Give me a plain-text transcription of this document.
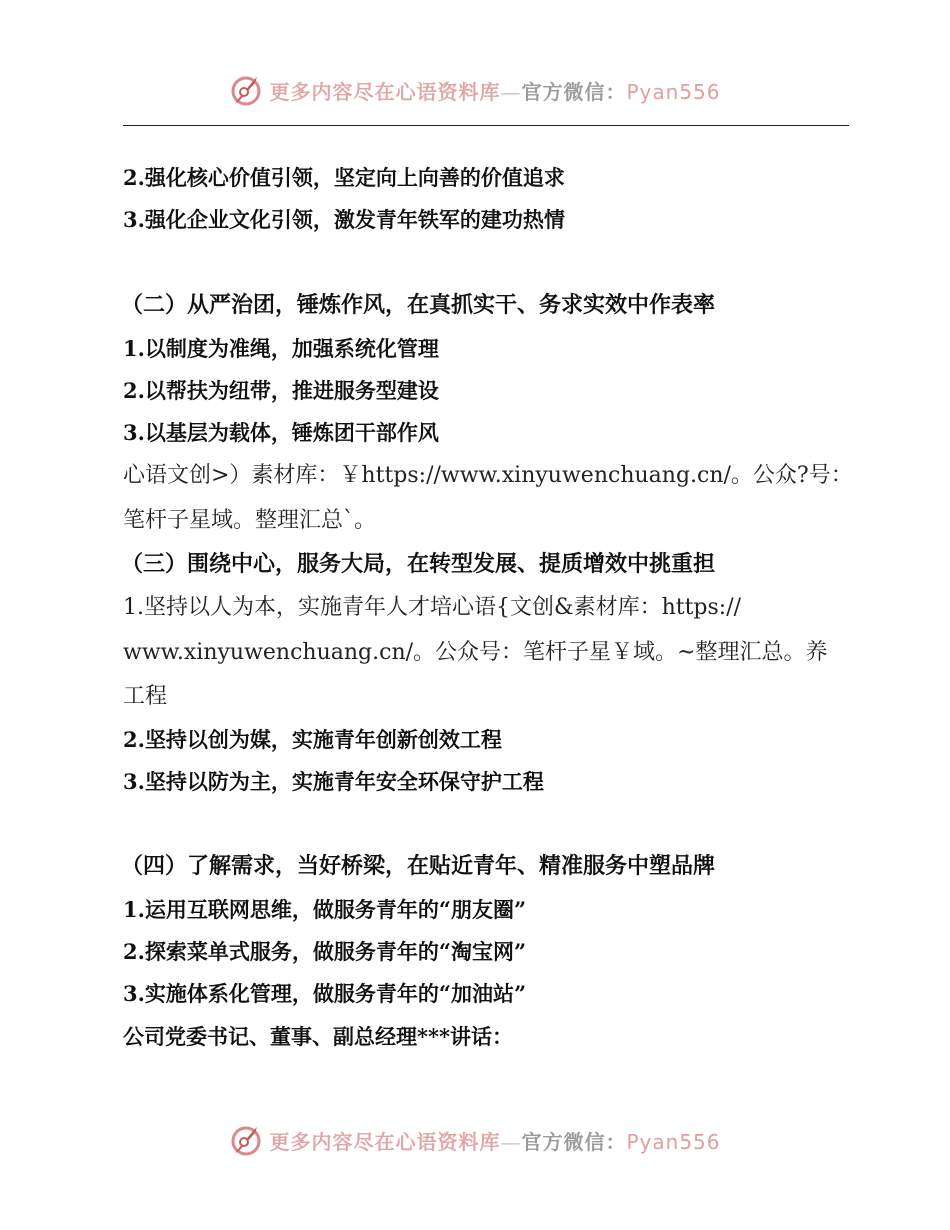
更多内容尽在心语资料库—官方微信：Pyan556
2.强化核心价值引领，坚定向上向善的价值追求
3.强化企业文化引领，激发青年铁军的建功热情
（二）从严治团，锤炼作风，在真抓实干、务求实效中作表率
1.以制度为准绳，加强系统化管理
2.以帮扶为纽带，推进服务型建设
3.以基层为载体，锤炼团干部作风
心语文创>）素材库：￥https://www.xinyuwenchuang.cn/。公众?号：
笔杆子星域。整理汇总`。
（三）围绕中心，服务大局，在转型发展、提质增效中挑重担
1.坚持以人为本，实施青年人才培心语{文创&素材库：https://
www.xinyuwenchuang.cn/。公众号：笔杆子星￥域。~整理汇总。养
工程
2.坚持以创为媒，实施青年创新创效工程
3.坚持以防为主，实施青年安全环保守护工程
（四）了解需求，当好桥梁，在贴近青年、精准服务中塑品牌
1.运用互联网思维，做服务青年的“朋友圈”
2.探索菜单式服务，做服务青年的“淘宝网”
3.实施体系化管理，做服务青年的“加油站”
公司党委书记、董事、副总经理***讲话：
更多内容尽在心语资料库—官方微信：Pyan556
